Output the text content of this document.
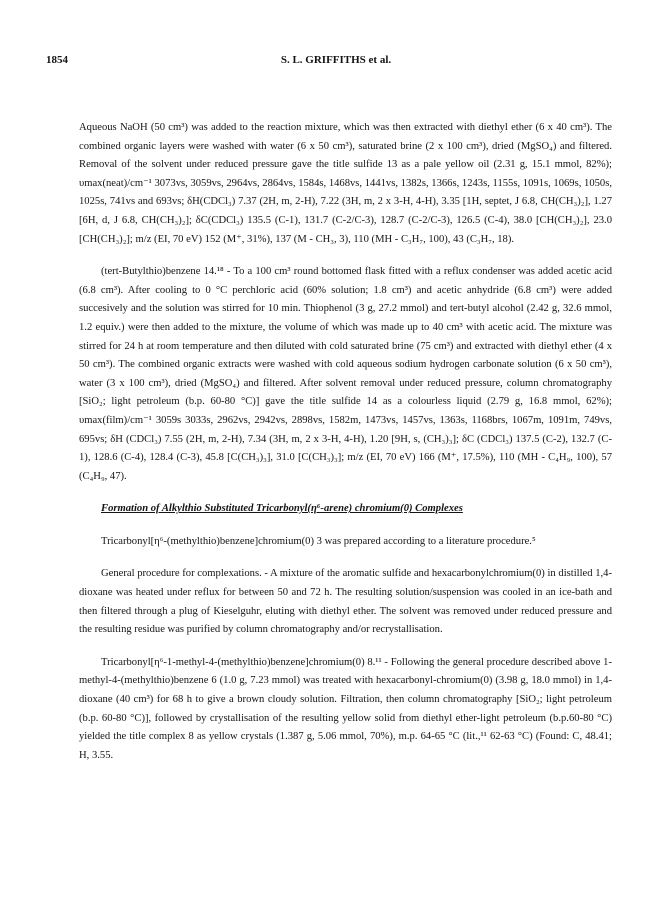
1854	S. L. GRIFFITHS et al.

Aqueous NaOH (50 cm³) was added to the reaction mixture, which was then extracted with diethyl ether (6 x 40 cm³). The combined organic layers were washed with water (6 x 50 cm³), saturated brine (2 x 100 cm³), dried (MgSO₄) and filtered. Removal of the solvent under reduced pressure gave the title sulfide 13 as a pale yellow oil (2.31 g, 15.1 mmol, 82%); υmax(neat)/cm⁻¹ 3073vs, 3059vs, 2964vs, 2864vs, 1584s, 1468vs, 1441vs, 1382s, 1366s, 1243s, 1155s, 1091s, 1069s, 1050s, 1025s, 741vs and 693vs; δH(CDCl₃) 7.37 (2H, m, 2-H), 7.22 (3H, m, 2 x 3-H, 4-H), 3.35 [1H, septet, J 6.8, CH(CH₃)₂], 1.27 [6H, d, J 6.8, CH(CH₃)₂]; δC(CDCl₃) 135.5 (C-1), 131.7 (C-2/C-3), 128.7 (C-2/C-3), 126.5 (C-4), 38.0 [CH(CH₃)₂], 23.0 [CH(CH₃)₂]; m/z (EI, 70 eV) 152 (M⁺, 31%), 137 (M - CH₃, 3), 110 (MH - C₃H₇, 100), 43 (C₃H₇, 18).

(tert-Butylthio)benzene 14.¹⁸ - To a 100 cm³ round bottomed flask fitted with a reflux condenser was added acetic acid (6.8 cm³). After cooling to 0 °C perchloric acid (60% solution; 1.8 cm³) and acetic anhydride (6.8 cm³) were added succesively and the solution was stirred for 10 min. Thiophenol (3 g, 27.2 mmol) and tert-butyl alcohol (2.42 g, 32.6 mmol, 1.2 equiv.) were then added to the mixture, the volume of which was made up to 40 cm³ with acetic acid. The mixture was stirred for 24 h at room temperature and then diluted with cold saturated brine (75 cm³) and extracted with diethyl ether (4 x 50 cm³). The combined organic extracts were washed with cold aqueous sodium hydrogen carbonate solution (6 x 50 cm³), water (3 x 100 cm³), dried (MgSO₄) and filtered. After solvent removal under reduced pressure, column chromatography [SiO₂; light petroleum (b.p. 60-80 °C)] gave the title sulfide 14 as a colourless liquid (2.79 g, 16.8 mmol, 62%); υmax(film)/cm⁻¹ 3059s 3033s, 2962vs, 2942vs, 2898vs, 1582m, 1473vs, 1457vs, 1363s, 1168brs, 1067m, 1091m, 749vs, 695vs; δH (CDCl₃) 7.55 (2H, m, 2-H), 7.34 (3H, m, 2 x 3-H, 4-H), 1.20 [9H, s, (CH₃)₃]; δC (CDCl₃) 137.5 (C-2), 132.7 (C-1), 128.6 (C-4), 128.4 (C-3), 45.8 [C(CH₃)₃], 31.0 [C(CH₃)₃]; m/z (EI, 70 eV) 166 (M⁺, 17.5%), 110 (MH - C₄H₉, 100), 57 (C₄H₉, 47).

Formation of Alkylthio Substituted Tricarbonyl(η⁶-arene) chromium(0) Complexes

Tricarbonyl[η⁶-(methylthio)benzene]chromium(0) 3 was prepared according to a literature procedure.⁵

General procedure for complexations. - A mixture of the aromatic sulfide and hexacarbonylchromium(0) in distilled 1,4-dioxane was heated under reflux for between 50 and 72 h. The resulting solution/suspension was cooled in an ice-bath and then filtered through a plug of Kieselguhr, eluting with diethyl ether. The solvent was removed under reduced pressure and the resulting residue was purified by column chromatography and/or recrystallisation.

Tricarbonyl[η⁶-1-methyl-4-(methylthio)benzene]chromium(0) 8.¹¹ - Following the general procedure described above 1-methyl-4-(methylthio)benzene 6 (1.0 g, 7.23 mmol) was treated with hexacarbonyl-chromium(0) (3.98 g, 18.0 mmol) in 1,4-dioxane (40 cm³) for 68 h to give a brown cloudy solution. Filtration, then column chromatography [SiO₂; light petroleum (b.p. 60-80 °C)], followed by crystallisation of the resulting yellow solid from diethyl ether-light petroleum (b.p.60-80 °C) yielded the title complex 8 as yellow crystals (1.387 g, 5.06 mmol, 70%), m.p. 64-65 °C (lit.,¹¹ 62-63 °C) (Found: C, 48.41; H, 3.55.
